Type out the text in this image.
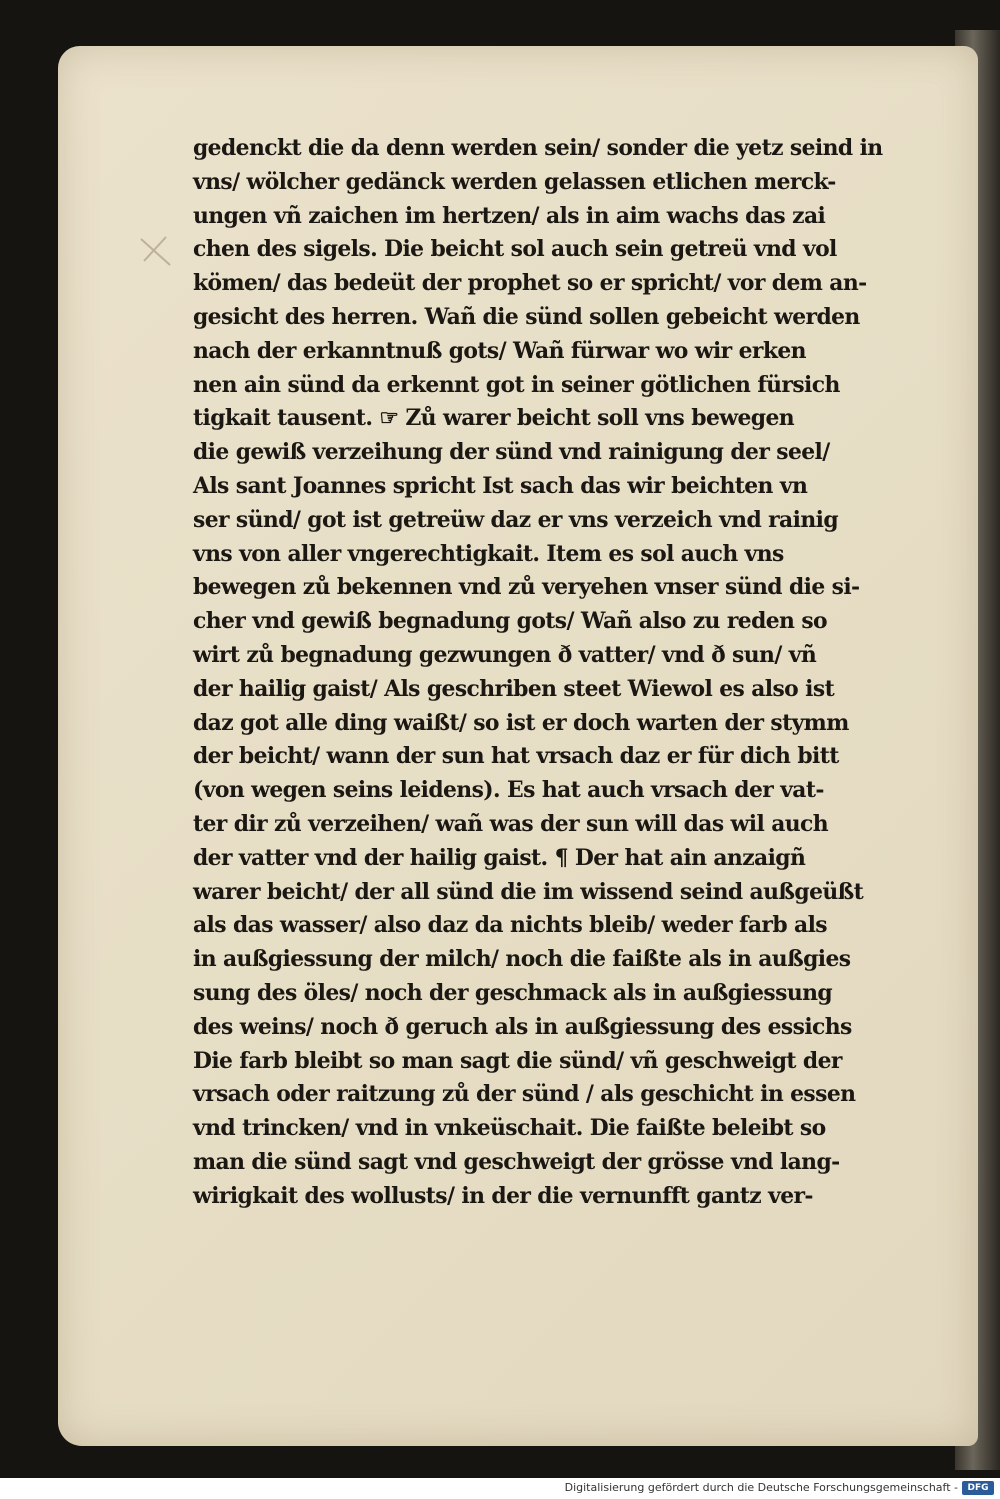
gedenckt die da denn werden sein/ sonder die yetz seind in
vns/ wölcher gedänck werden gelassen etlichen merck-
ungen vñ zaichen im hertzen/ als in aim wachs das zai
chen des sigels. Die beicht sol auch sein getreü vnd vol
kömen/ das bedeüt der prophet so er spricht/ vor dem an-
gesicht des herren. Wañ die sünd sollen gebeicht werden
nach der erkanntnuß gots/ Wañ fürwar wo wir erken
nen ain sünd da erkennt got in seiner götlichen fürsich
tigkait tausent. ☞ Zů warer beicht soll vns bewegen
die gewiß verzeihung der sünd vnd rainigung der seel/
Als sant Joannes spricht Ist sach das wir beichten vn
ser sünd/ got ist getreüw daz er vns verzeich vnd rainig
vns von aller vngerechtigkait. Item es sol auch vns
bewegen zů bekennen vnd zů veryehen vnser sünd die si-
cher vnd gewiß begnadung gots/ Wañ also zu reden so
wirt zů begnadung gezwungen ð vatter/ vnd ð sun/ vñ
der hailig gaist/ Als geschriben steet Wiewol es also ist
daz got alle ding waißt/ so ist er doch warten der stymm
der beicht/ wann der sun hat vrsach daz er für dich bitt
(von wegen seins leidens). Es hat auch vrsach der vat-
ter dir zů verzeihen/ wañ was der sun will das wil auch
der vatter vnd der hailig gaist. ¶ Der hat ain anzaigñ
warer beicht/ der all sünd die im wissend seind außgeüßt
als das wasser/ also daz da nichts bleib/ weder farb als
in außgiessung der milch/ noch die faißte als in außgies
sung des öles/ noch der geschmack als in außgiessung
des weins/ noch ð geruch als in außgiessung des essichs
Die farb bleibt so man sagt die sünd/ vñ geschweigt der
vrsach oder raitzung zů der sünd / als geschicht in essen
vnd trincken/ vnd in vnkeüschait. Die faißte beleibt so
man die sünd sagt vnd geschweigt der grösse vnd lang-
wirigkait des wollusts/ in der die vernunfft gantz ver-
Digitalisierung gefördert durch die Deutsche Forschungsgemeinschaft -	DFG
